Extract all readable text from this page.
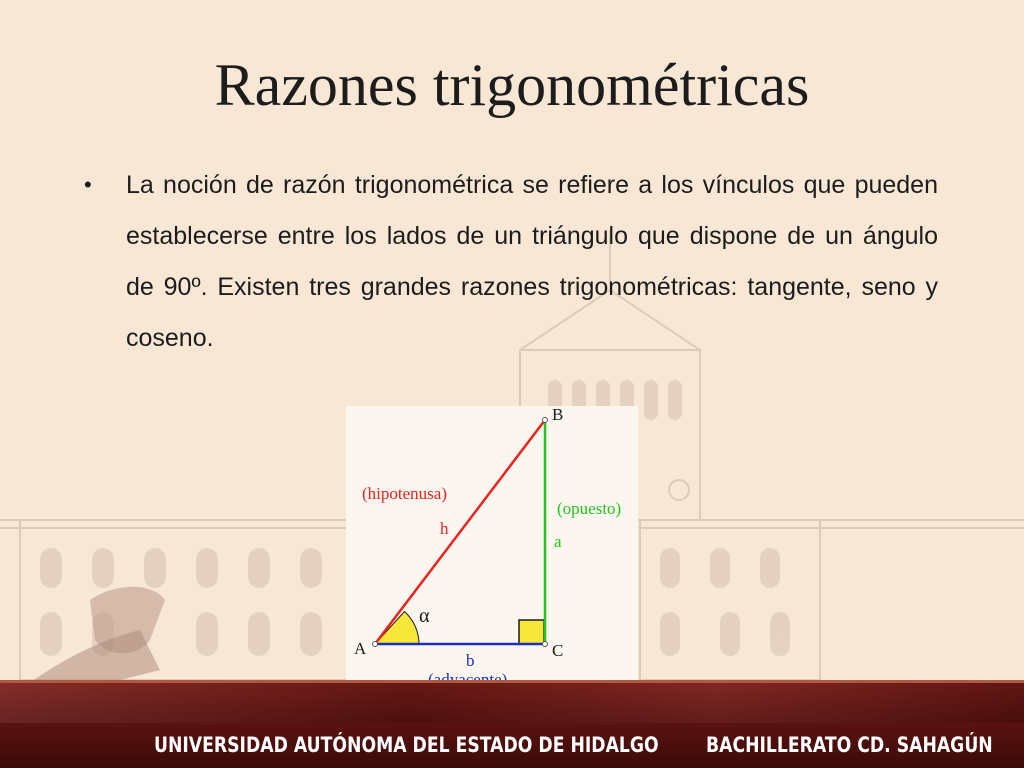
Razones trigonométricas
• La noción de razón trigonométrica se refiere a los vínculos que pueden establecerse entre los lados de un triángulo que dispone de un ángulo de 90º. Existen tres grandes razones trigonométricas: tangente, seno y coseno.
A
B
C
(hipotenusa)
h
(opuesto)
a
b
α
UNIVERSIDAD AUTÓNOMA DEL ESTADO DE HIDALGO BACHILLERATO CD. SAHAGÚN
